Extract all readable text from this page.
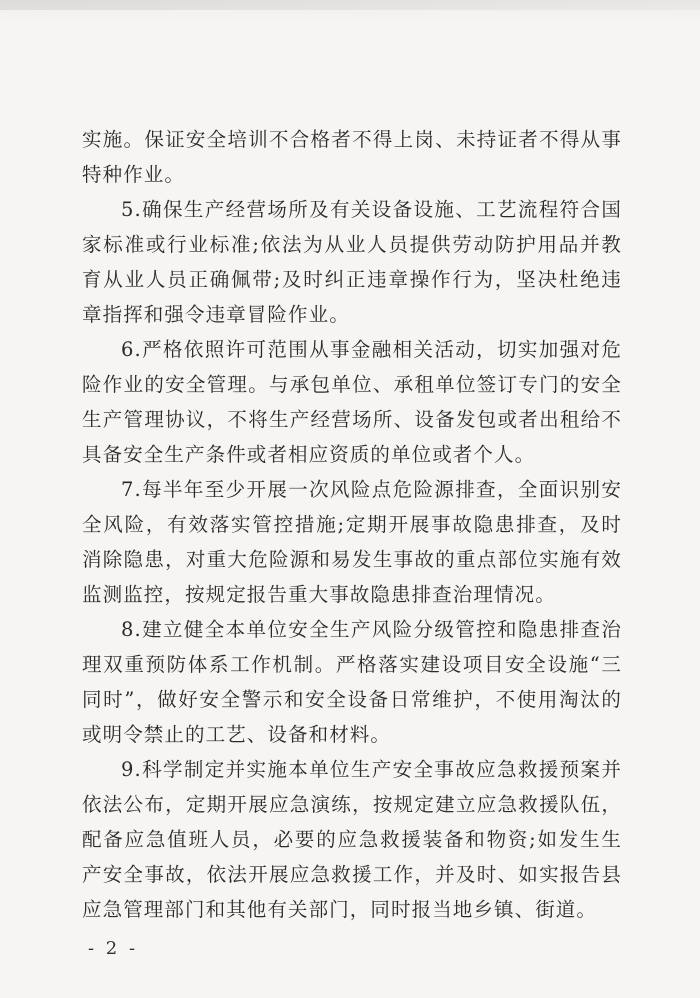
实施。保证安全培训不合格者不得上岗、未持证者不得从事特种作业。

5.确保生产经营场所及有关设备设施、工艺流程符合国家标准或行业标准;依法为从业人员提供劳动防护用品并教育从业人员正确佩带;及时纠正违章操作行为，坚决杜绝违章指挥和强令违章冒险作业。

6.严格依照许可范围从事金融相关活动，切实加强对危险作业的安全管理。与承包单位、承租单位签订专门的安全生产管理协议，不将生产经营场所、设备发包或者出租给不具备安全生产条件或者相应资质的单位或者个人。

7.每半年至少开展一次风险点危险源排查，全面识别安全风险，有效落实管控措施;定期开展事故隐患排查，及时消除隐患，对重大危险源和易发生事故的重点部位实施有效监测监控，按规定报告重大事故隐患排查治理情况。

8.建立健全本单位安全生产风险分级管控和隐患排查治理双重预防体系工作机制。严格落实建设项目安全设施“三同时”，做好安全警示和安全设备日常维护，不使用淘汰的或明令禁止的工艺、设备和材料。

9.科学制定并实施本单位生产安全事故应急救援预案并依法公布，定期开展应急演练，按规定建立应急救援队伍，配备应急值班人员，必要的应急救援装备和物资;如发生生产安全事故，依法开展应急救援工作，并及时、如实报告县应急管理部门和其他有关部门，同时报当地乡镇、街道。

- 2 -
